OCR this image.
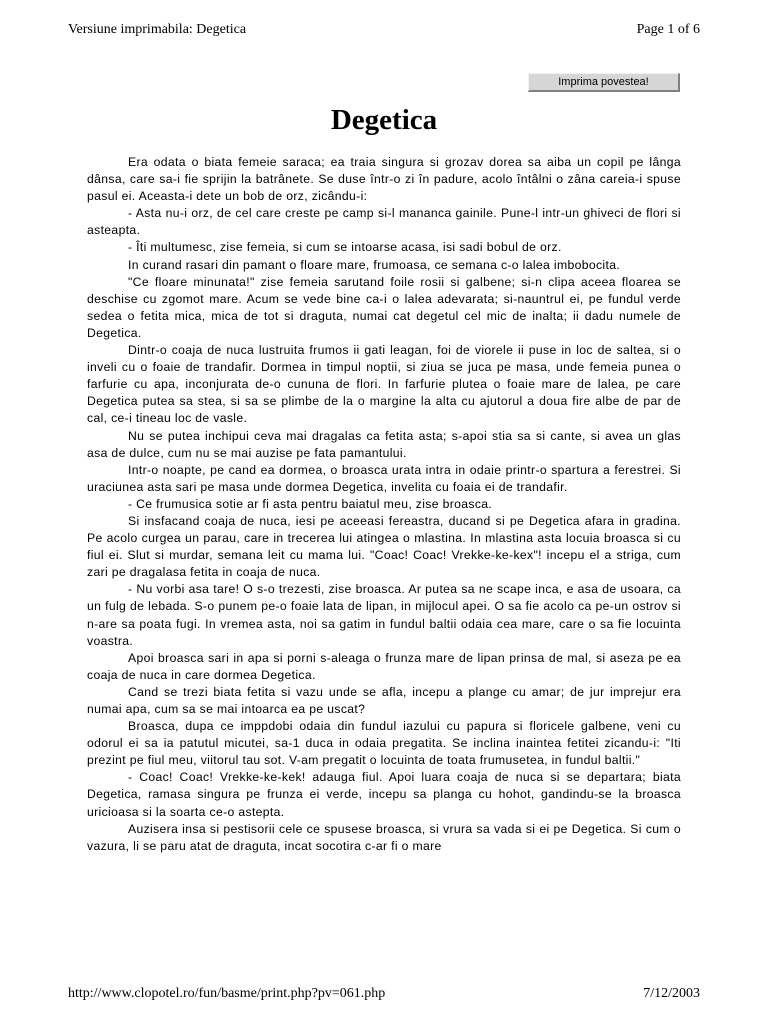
Versiune imprimabila: Degetica	Page 1 of 6
Imprima povestea!
Degetica

Era odata o biata femeie saraca; ea traia singura si grozav dorea sa aiba un copil pe lânga dânsa, care sa-i fie sprijin la batrânete. Se duse într-o zi în padure, acolo întâlni o zâna careia-i spuse pasul ei. Aceasta-i dete un bob de orz, zicându-i:

- Asta nu-i orz, de cel care creste pe camp si-l mananca gainile. Pune-l intr-un ghiveci de flori si asteapta.

- Îti multumesc, zise femeia, si cum se intoarse acasa, isi sadi bobul de orz.

In curand rasari din pamant o floare mare, frumoasa, ce semana c-o lalea imbobocita.

"Ce floare minunata!" zise femeia sarutand foile rosii si galbene; si-n clipa aceea floarea se deschise cu zgomot mare. Acum se vede bine ca-i o lalea adevarata; si-nauntrul ei, pe fundul verde sedea o fetita mica, mica de tot si draguta, numai cat degetul cel mic de inalta; ii dadu numele de Degetica.

Dintr-o coaja de nuca lustruita frumos ii gati leagan, foi de viorele ii puse in loc de saltea, si o inveli cu o foaie de trandafir. Dormea in timpul noptii, si ziua se juca pe masa, unde femeia punea o farfurie cu apa, inconjurata de-o cununa de flori. In farfurie plutea o foaie mare de lalea, pe care Degetica putea sa stea, si sa se plimbe de la o margine la alta cu ajutorul a doua fire albe de par de cal, ce-i tineau loc de vasle.

Nu se putea inchipui ceva mai dragalas ca fetita asta; s-apoi stia sa si cante, si avea un glas asa de dulce, cum nu se mai auzise pe fata pamantului.

Intr-o noapte, pe cand ea dormea, o broasca urata intra in odaie printr-o spartura a ferestrei. Si uraciunea asta sari pe masa unde dormea Degetica, invelita cu foaia ei de trandafir.

- Ce frumusica sotie ar fi asta pentru baiatul meu, zise broasca.

Si insfacand coaja de nuca, iesi pe aceeasi fereastra, ducand si pe Degetica afara in gradina. Pe acolo curgea un parau, care in trecerea lui atingea o mlastina. In mlastina asta locuia broasca si cu fiul ei. Slut si murdar, semana leit cu mama lui. "Coac! Coac! Vrekke-ke-kex"! incepu el a striga, cum zari pe dragalasa fetita in coaja de nuca.

- Nu vorbi asa tare! O s-o trezesti, zise broasca. Ar putea sa ne scape inca, e asa de usoara, ca un fulg de lebada. S-o punem pe-o foaie lata de lipan, in mijlocul apei. O sa fie acolo ca pe-un ostrov si n-are sa poata fugi. In vremea asta, noi sa gatim in fundul baltii odaia cea mare, care o sa fie locuinta voastra.

Apoi broasca sari in apa si porni s-aleaga o frunza mare de lipan prinsa de mal, si aseza pe ea coaja de nuca in care dormea Degetica.

Cand se trezi biata fetita si vazu unde se afla, incepu a plange cu amar; de jur imprejur era numai apa, cum sa se mai intoarca ea pe uscat?

Broasca, dupa ce imppdobi odaia din fundul iazului cu papura si floricele galbene, veni cu odorul ei sa ia patutul micutei, sa-1 duca in odaia pregatita. Se inclina inaintea fetitei zicandu-i: "Iti prezint pe fiul meu, viitorul tau sot. V-am pregatit o locuinta de toata frumusetea, in fundul baltii."

- Coac! Coac! Vrekke-ke-kek! adauga fiul. Apoi luara coaja de nuca si se departara; biata Degetica, ramasa singura pe frunza ei verde, incepu sa planga cu hohot, gandindu-se la broasca uricioasa si la soarta ce-o astepta.

Auzisera insa si pestisorii cele ce spusese broasca, si vrura sa vada si ei pe Degetica. Si cum o vazura, li se paru atat de draguta, incat socotira c-ar fi o mare

http://www.clopotel.ro/fun/basme/print.php?pv=061.php	7/12/2003
